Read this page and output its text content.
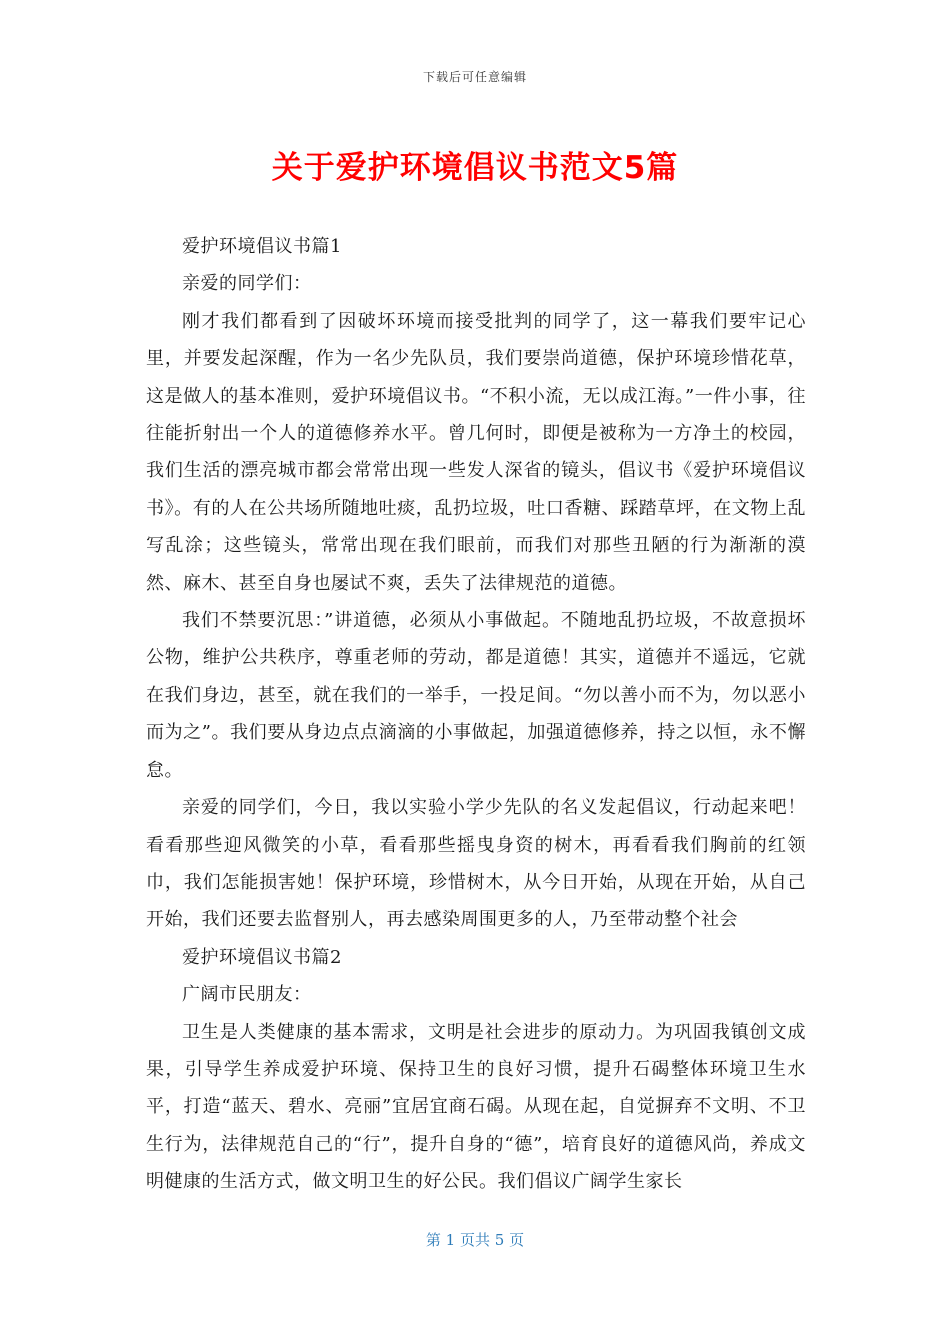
下载后可任意编辑
关于爱护环境倡议书范文5篇

爱护环境倡议书篇1

亲爱的同学们：

刚才我们都看到了因破坏环境而接受批判的同学了，这一幕我们要牢记心里，并要发起深醒，作为一名少先队员，我们要崇尚道德，保护环境珍惜花草，这是做人的基本准则，爱护环境倡议书。“不积小流，无以成江海。”一件小事，往往能折射出一个人的道德修养水平。曾几何时，即便是被称为一方净土的校园，我们生活的漂亮城市都会常常出现一些发人深省的镜头，倡议书《爱护环境倡议书》。有的人在公共场所随地吐痰，乱扔垃圾，吐口香糖、踩踏草坪，在文物上乱写乱涂；这些镜头，常常出现在我们眼前，而我们对那些丑陋的行为渐渐的漠然、麻木、甚至自身也屡试不爽，丢失了法律规范的道德。

我们不禁要沉思：”讲道德，必须从小事做起。不随地乱扔垃圾，不故意损坏公物，维护公共秩序，尊重老师的劳动，都是道德！其实，道德并不遥远，它就在我们身边，甚至，就在我们的一举手，一投足间。“勿以善小而不为，勿以恶小而为之”。我们要从身边点点滴滴的小事做起，加强道德修养，持之以恒，永不懈怠。

亲爱的同学们，今日，我以实验小学少先队的名义发起倡议，行动起来吧！看看那些迎风微笑的小草，看看那些摇曳身资的树木，再看看我们胸前的红领巾，我们怎能损害她！保护环境，珍惜树木，从今日开始，从现在开始，从自己开始，我们还要去监督别人，再去感染周围更多的人，乃至带动整个社会

爱护环境倡议书篇2

广阔市民朋友：

卫生是人类健康的基本需求，文明是社会进步的原动力。为巩固我镇创文成果，引导学生养成爱护环境、保持卫生的良好习惯，提升石碣整体环境卫生水平，打造“蓝天、碧水、亮丽”宜居宜商石碣。从现在起，自觉摒弃不文明、不卫生行为，法律规范自己的“行”，提升自身的“德”，培育良好的道德风尚，养成文明健康的生活方式，做文明卫生的好公民。我们倡议广阔学生家长

第 1 页共 5 页
